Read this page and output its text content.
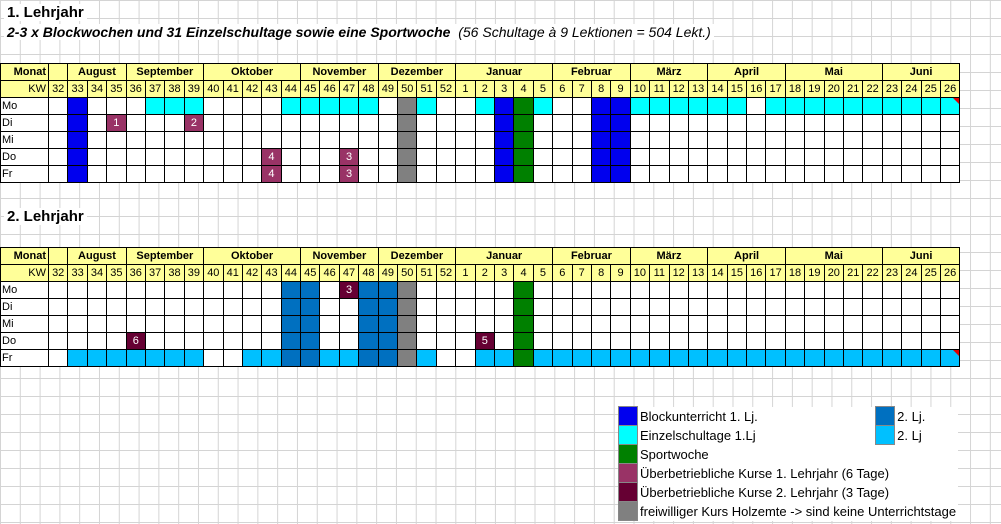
1. Lehrjahr
2-3 x Blockwochen und 31 Einzelschultage sowie eine Sportwoche (56 Schultage à 9 Lektionen = 504 Lekt.)
Monat		August			September				Oktober					November				Dezember				Januar					Februar				März				April				Mai					Juni			
KW	32	33	34	35	36	37	38	39	40	41	42	43	44	45	46	47	48	49	50	51	52	1	2	3	4	5	6	7	8	9	10	11	12	13	14	15	16	17	18	19	20	21	22	23	24	25	26
Mo																																															
Di				1				2																																							
Mi																																															
Do												4				3																															
Fr												4				3																															
2. Lehrjahr
Monat		August			September				Oktober					November				Dezember				Januar					Februar				März				April				Mai					Juni			
KW	32	33	34	35	36	37	38	39	40	41	42	43	44	45	46	47	48	49	50	51	52	1	2	3	4	5	6	7	8	9	10	11	12	13	14	15	16	17	18	19	20	21	22	23	24	25	26
Mo																3																															
Di																																															
Mi																																															
Do					6																		5																								
Fr																																															
	Blockunterricht 1. Lj.		2. Lj.
	Einzelschultage 1.Lj		2. Lj
	Sportwoche		
	Überbetriebliche Kurse 1. Lehrjahr (6 Tage)		
	Überbetriebliche Kurse 2. Lehrjahr (3 Tage)		
	freiwilliger Kurs Holzemte -> sind keine Unterrichtstage		
